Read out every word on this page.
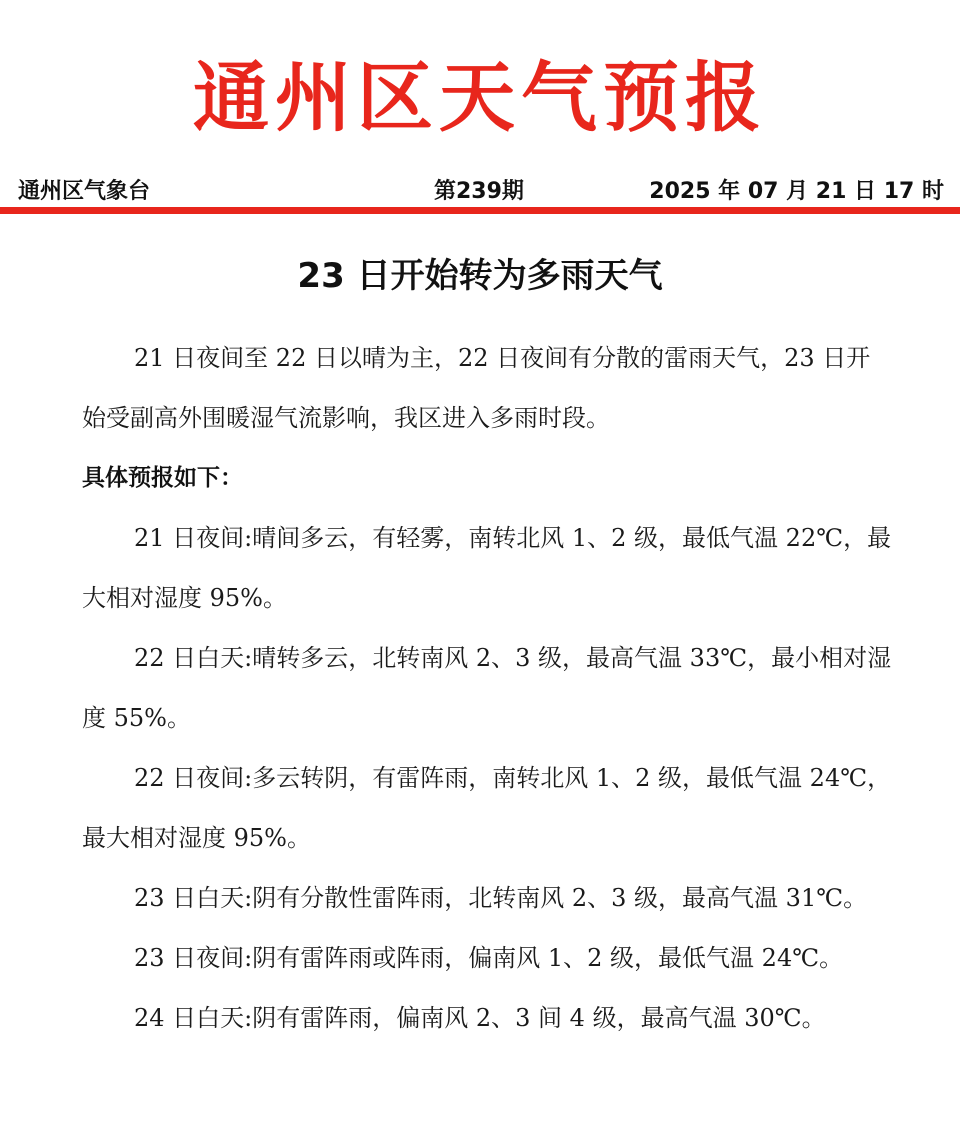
通州区天气预报
通州区气象台	第239期	2025 年 07 月 21 日 17 时
23 日开始转为多雨天气

21 日夜间至 22 日以晴为主，22 日夜间有分散的雷雨天气，23 日开始受副高外围暖湿气流影响，我区进入多雨时段。

具体预报如下：

21 日夜间:晴间多云，有轻雾，南转北风 1、2 级，最低气温 22℃，最大相对湿度 95%。

22 日白天:晴转多云，北转南风 2、3 级，最高气温 33℃，最小相对湿度 55%。

22 日夜间:多云转阴，有雷阵雨，南转北风 1、2 级，最低气温 24℃，最大相对湿度 95%。

23 日白天:阴有分散性雷阵雨，北转南风 2、3 级，最高气温 31℃。

23 日夜间:阴有雷阵雨或阵雨，偏南风 1、2 级，最低气温 24℃。

24 日白天:阴有雷阵雨，偏南风 2、3 间 4 级，最高气温 30℃。
